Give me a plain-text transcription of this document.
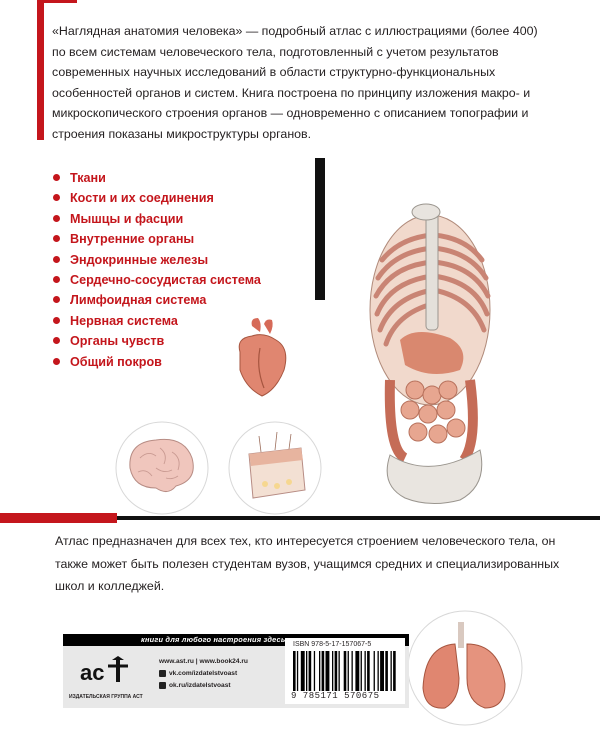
«Наглядная анатомия человека» — подробный атлас с иллюстрациями (более 400) по всем системам человеческого тела, подготовленный с учетом результатов современных научных исследований в области структурно-функциональных особенностей органов и систем. Книга построена по принципу изложения макро- и микроскопического строения органов — одновременно с описанием топографии и строения показаны микроструктуры органов.

Ткани
Кости и их соединения
Мышцы и фасции
Внутренние органы
Эндокринные железы
Сердечно-сосудистая система
Лимфоидная система
Нервная система
Органы чувств
Общий покров

Атлас предназначен для всех тех, кто интересуется строением человеческого тела, он также может быть полезен студентам вузов, учащимся средних и специализированных школ и колледжей.

книги для любого настроения здесь
ас
ИЗДАТЕЛЬСКАЯ ГРУППА АСТ
www.ast.ru | www.book24.ru
vk.com/izdatelstvoast
ok.ru/izdatelstvoast
ISBN 978-5-17-157067-5
9 785171 570675
